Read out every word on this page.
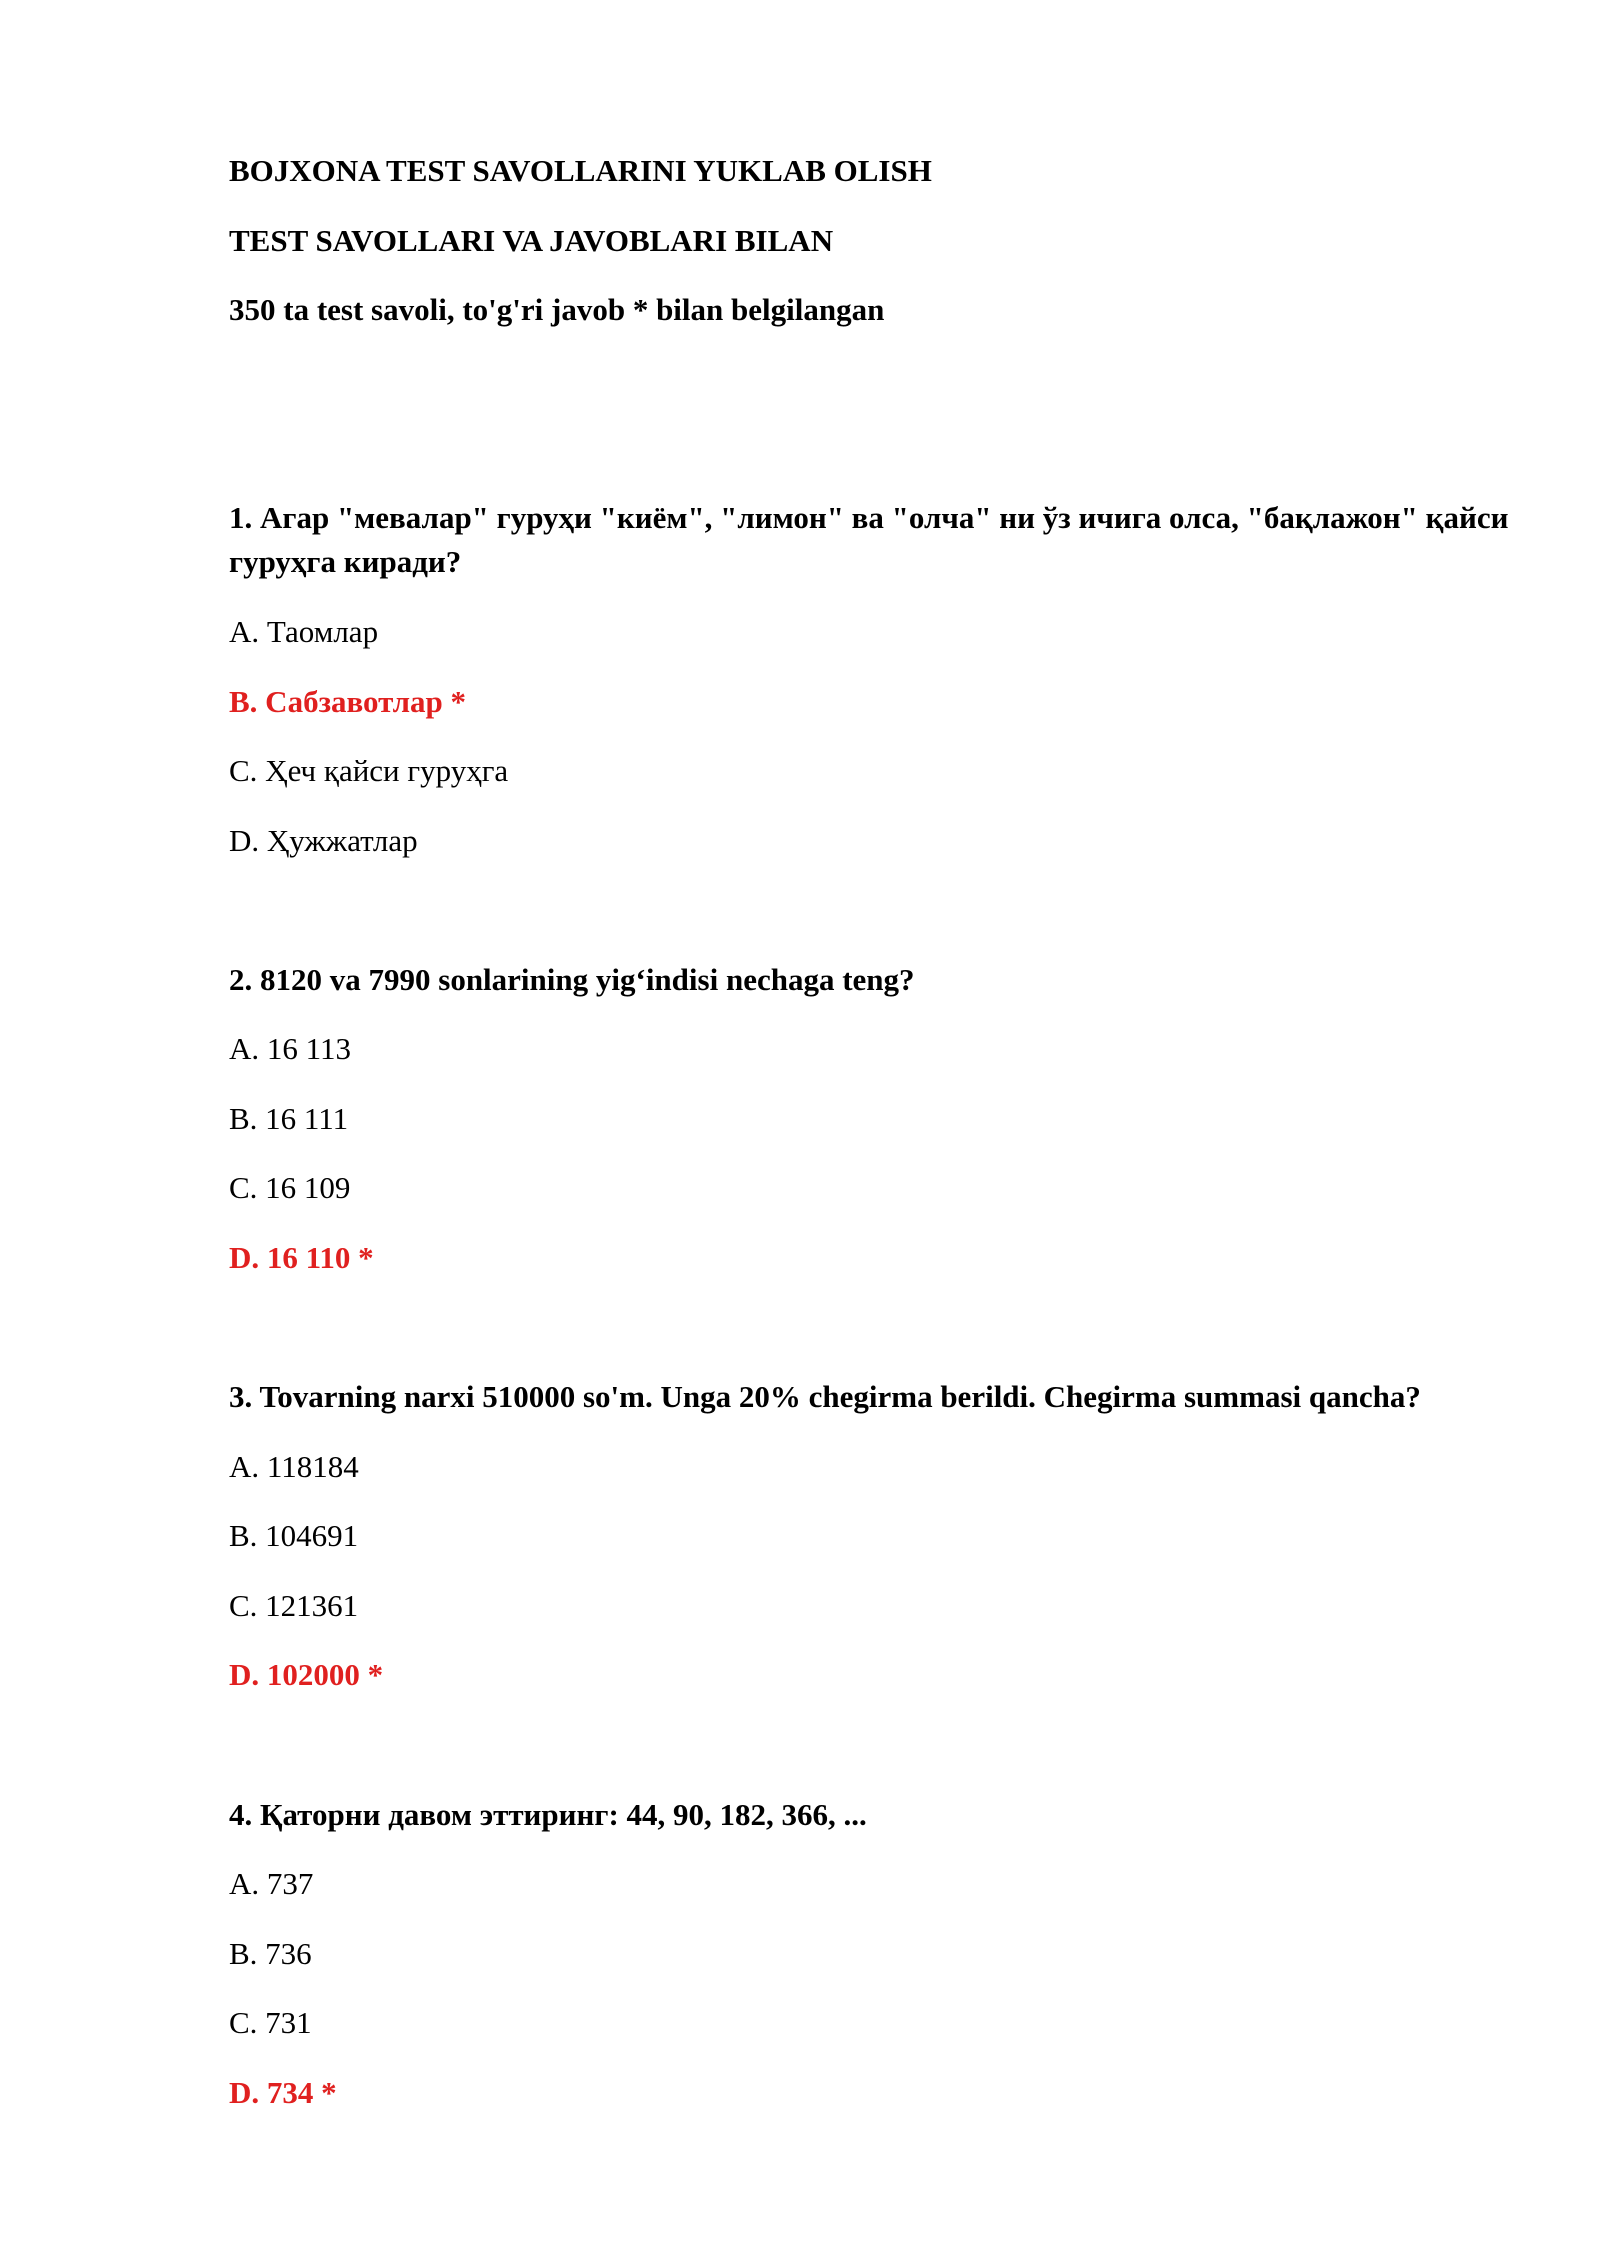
BOJXONA TEST SAVOLLARINI YUKLAB OLISH
TEST SAVOLLARI VA JAVOBLARI BILAN
350 ta test savoli, to'g'ri javob * bilan belgilangan
1. Агар "мевалар" гуруҳи "киём", "лимон" ва "олча" ни ўз ичига олса, "бақлажон" қайси гуруҳга киради?
A. Таомлар
B. Сабзавотлар *
C. Ҳеч қайси гуруҳга
D. Ҳужжатлар
2. 8120 va 7990 sonlarining yig‘indisi nechaga teng?
A. 16 113
B. 16 111
C. 16 109
D. 16 110 *
3. Tovarning narxi 510000 so'm. Unga 20% chegirma berildi. Chegirma summasi qancha?
A. 118184
B. 104691
C. 121361
D. 102000 *
4. Қаторни давом эттиринг: 44, 90, 182, 366, ...
A. 737
B. 736
C. 731
D. 734 *
